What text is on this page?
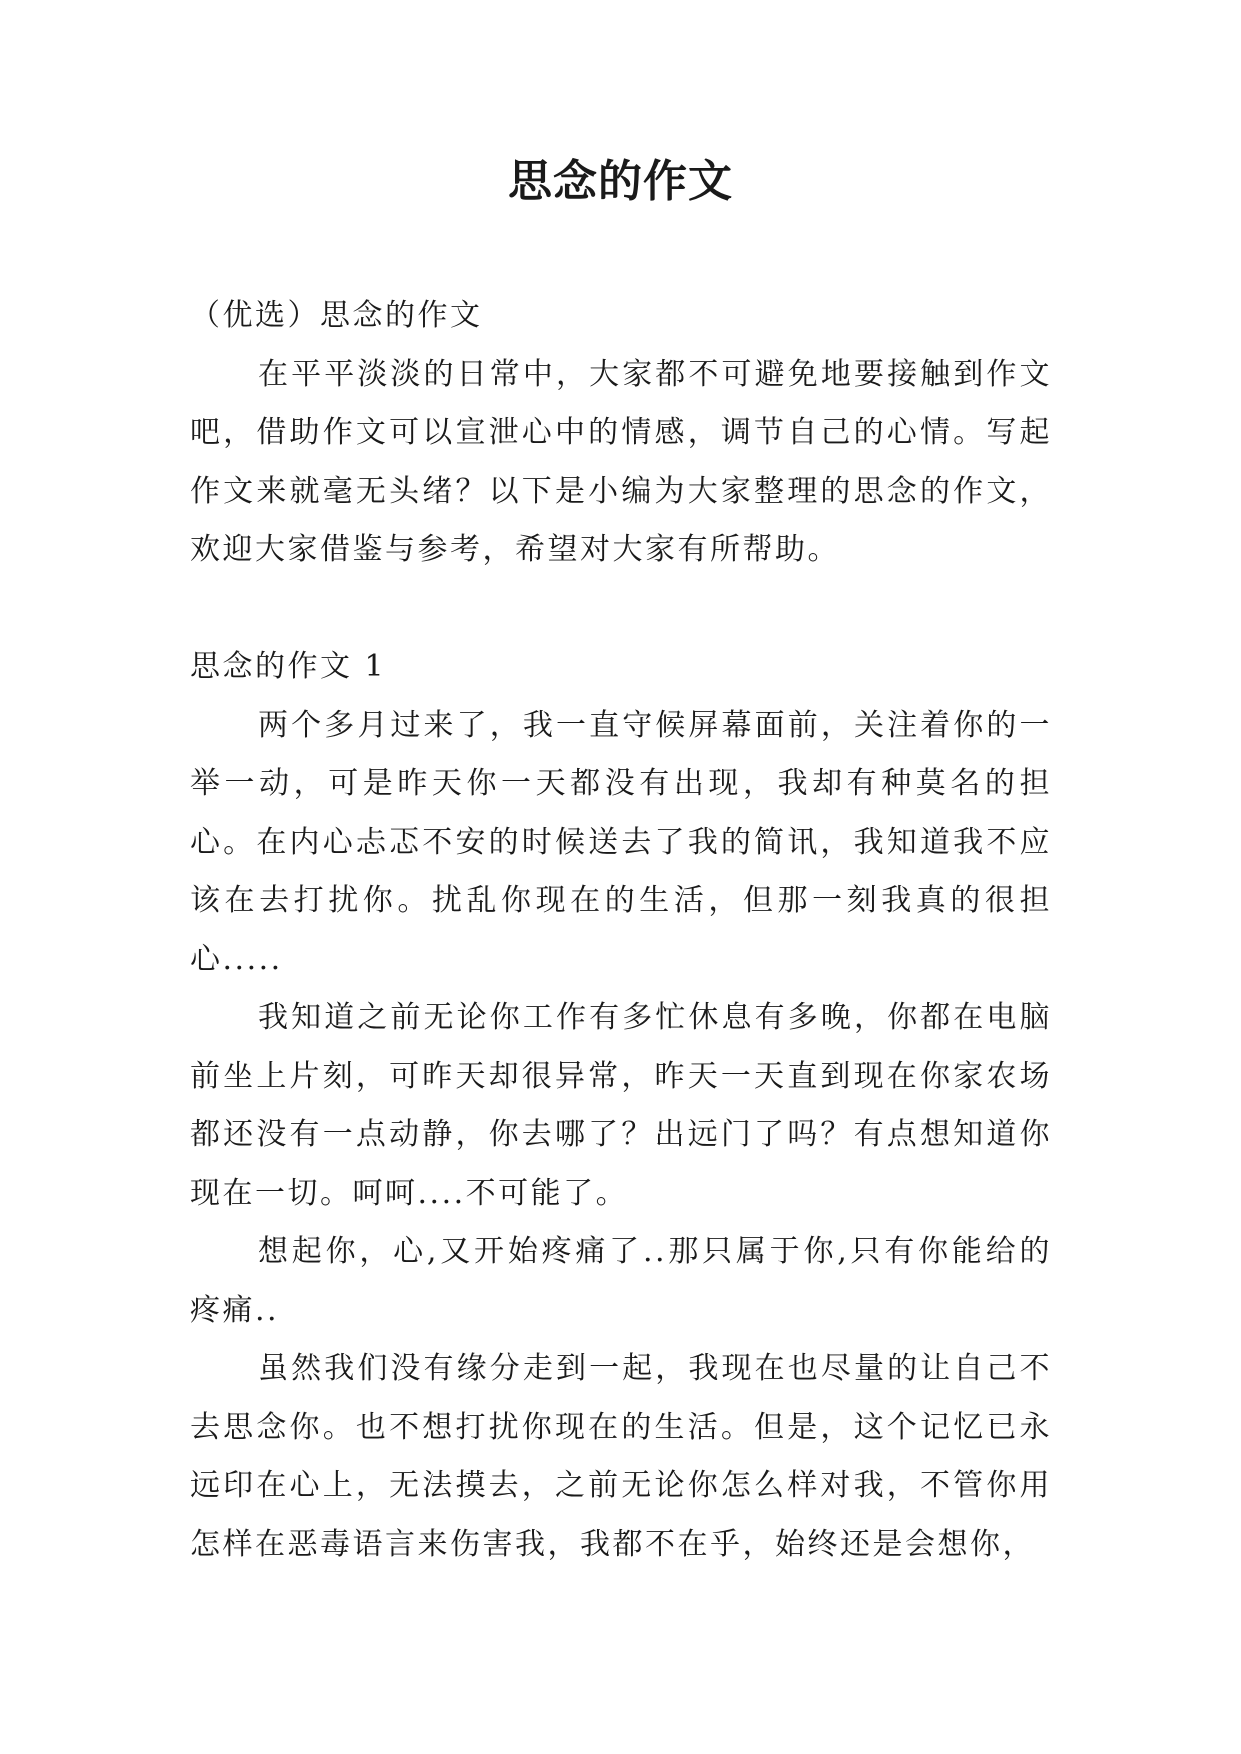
思念的作文

（优选）思念的作文

在平平淡淡的日常中，大家都不可避免地要接触到作文吧，借助作文可以宣泄心中的情感，调节自己的心情。写起作文来就毫无头绪？以下是小编为大家整理的思念的作文，欢迎大家借鉴与参考，希望对大家有所帮助。

思念的作文 1

两个多月过来了，我一直守候屏幕面前，关注着你的一举一动，可是昨天你一天都没有出现，我却有种莫名的担心。在内心忐忑不安的时候送去了我的简讯，我知道我不应该在去打扰你。扰乱你现在的生活，但那一刻我真的很担心.....

我知道之前无论你工作有多忙休息有多晚，你都在电脑前坐上片刻，可昨天却很异常，昨天一天直到现在你家农场都还没有一点动静，你去哪了？出远门了吗？有点想知道你现在一切。呵呵....不可能了。

想起你，心,又开始疼痛了..那只属于你,只有你能给的疼痛..

虽然我们没有缘分走到一起，我现在也尽量的让自己不去思念你。也不想打扰你现在的生活。但是，这个记忆已永远印在心上，无法摸去，之前无论你怎么样对我，不管你用怎样在恶毒语言来伤害我，我都不在乎，始终还是会想你，
